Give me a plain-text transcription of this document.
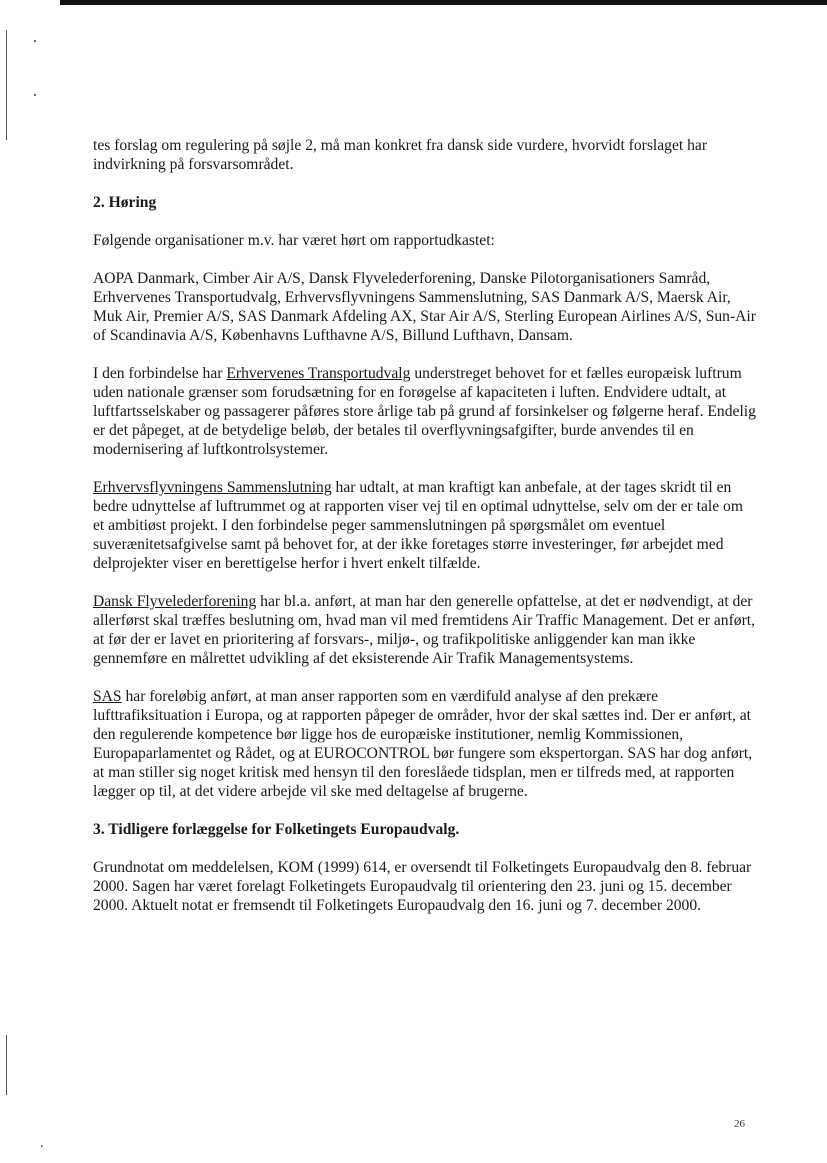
tes forslag om regulering på søjle 2, må man konkret fra dansk side vurdere, hvorvidt forslaget har indvirkning på forsvarsområdet.

2. Høring

Følgende organisationer m.v. har været hørt om rapportudkastet:

AOPA Danmark, Cimber Air A/S, Dansk Flyvelederforening, Danske Pilotorganisationers Samråd, Erhvervenes Transportudvalg, Erhvervsflyvningens Sammenslutning, SAS Danmark A/S, Maersk Air, Muk Air, Premier A/S, SAS Danmark Afdeling AX, Star Air A/S, Sterling European Airlines A/S, Sun-Air of Scandinavia A/S, Københavns Lufthavne A/S, Billund Lufthavn, Dansam.

I den forbindelse har Erhvervenes Transportudvalg understreget behovet for et fælles europæisk luftrum uden nationale grænser som forudsætning for en forøgelse af kapaciteten i luften. Endvidere udtalt, at luftfartsselskaber og passagerer påføres store årlige tab på grund af forsinkelser og følgerne heraf. Endelig er det påpeget, at de betydelige beløb, der betales til overflyvningsafgifter, burde anvendes til en modernisering af luftkontrolsystemer.

Erhvervsflyvningens Sammenslutning har udtalt, at man kraftigt kan anbefale, at der tages skridt til en bedre udnyttelse af luftrummet og at rapporten viser vej til en optimal udnyttelse, selv om der er tale om et ambitiøst projekt. I den forbindelse peger sammenslutningen på spørgsmålet om eventuel suverænitetsafgivelse samt på behovet for, at der ikke foretages større investeringer, før arbejdet med delprojekter viser en berettigelse herfor i hvert enkelt tilfælde.

Dansk Flyvelederforening har bl.a. anført, at man har den generelle opfattelse, at det er nødvendigt, at der allerførst skal træffes beslutning om, hvad man vil med fremtidens Air Traffic Management. Det er anført, at før der er lavet en prioritering af forsvars-, miljø-, og trafikpolitiske anliggender kan man ikke gennemføre en målrettet udvikling af det eksisterende Air Trafik Managementsystems.

SAS har foreløbig anført, at man anser rapporten som en værdifuld analyse af den prekære lufttrafiksituation i Europa, og at rapporten påpeger de områder, hvor der skal sættes ind. Der er anført, at den regulerende kompetence bør ligge hos de europæiske institutioner, nemlig Kommissionen, Europaparlamentet og Rådet, og at EUROCONTROL bør fungere som ekspertorgan. SAS har dog anført, at man stiller sig noget kritisk med hensyn til den foreslåede tidsplan, men er tilfreds med, at rapporten lægger op til, at det videre arbejde vil ske med deltagelse af brugerne.

3. Tidligere forlæggelse for Folketingets Europaudvalg.

Grundnotat om meddelelsen, KOM (1999) 614, er oversendt til Folketingets Europaudvalg den 8. februar 2000. Sagen har været forelagt Folketingets Europaudvalg til orientering den 23. juni og 15. december 2000. Aktuelt notat er fremsendt til Folketingets Europaudvalg den 16. juni og 7. december 2000.

26
.
